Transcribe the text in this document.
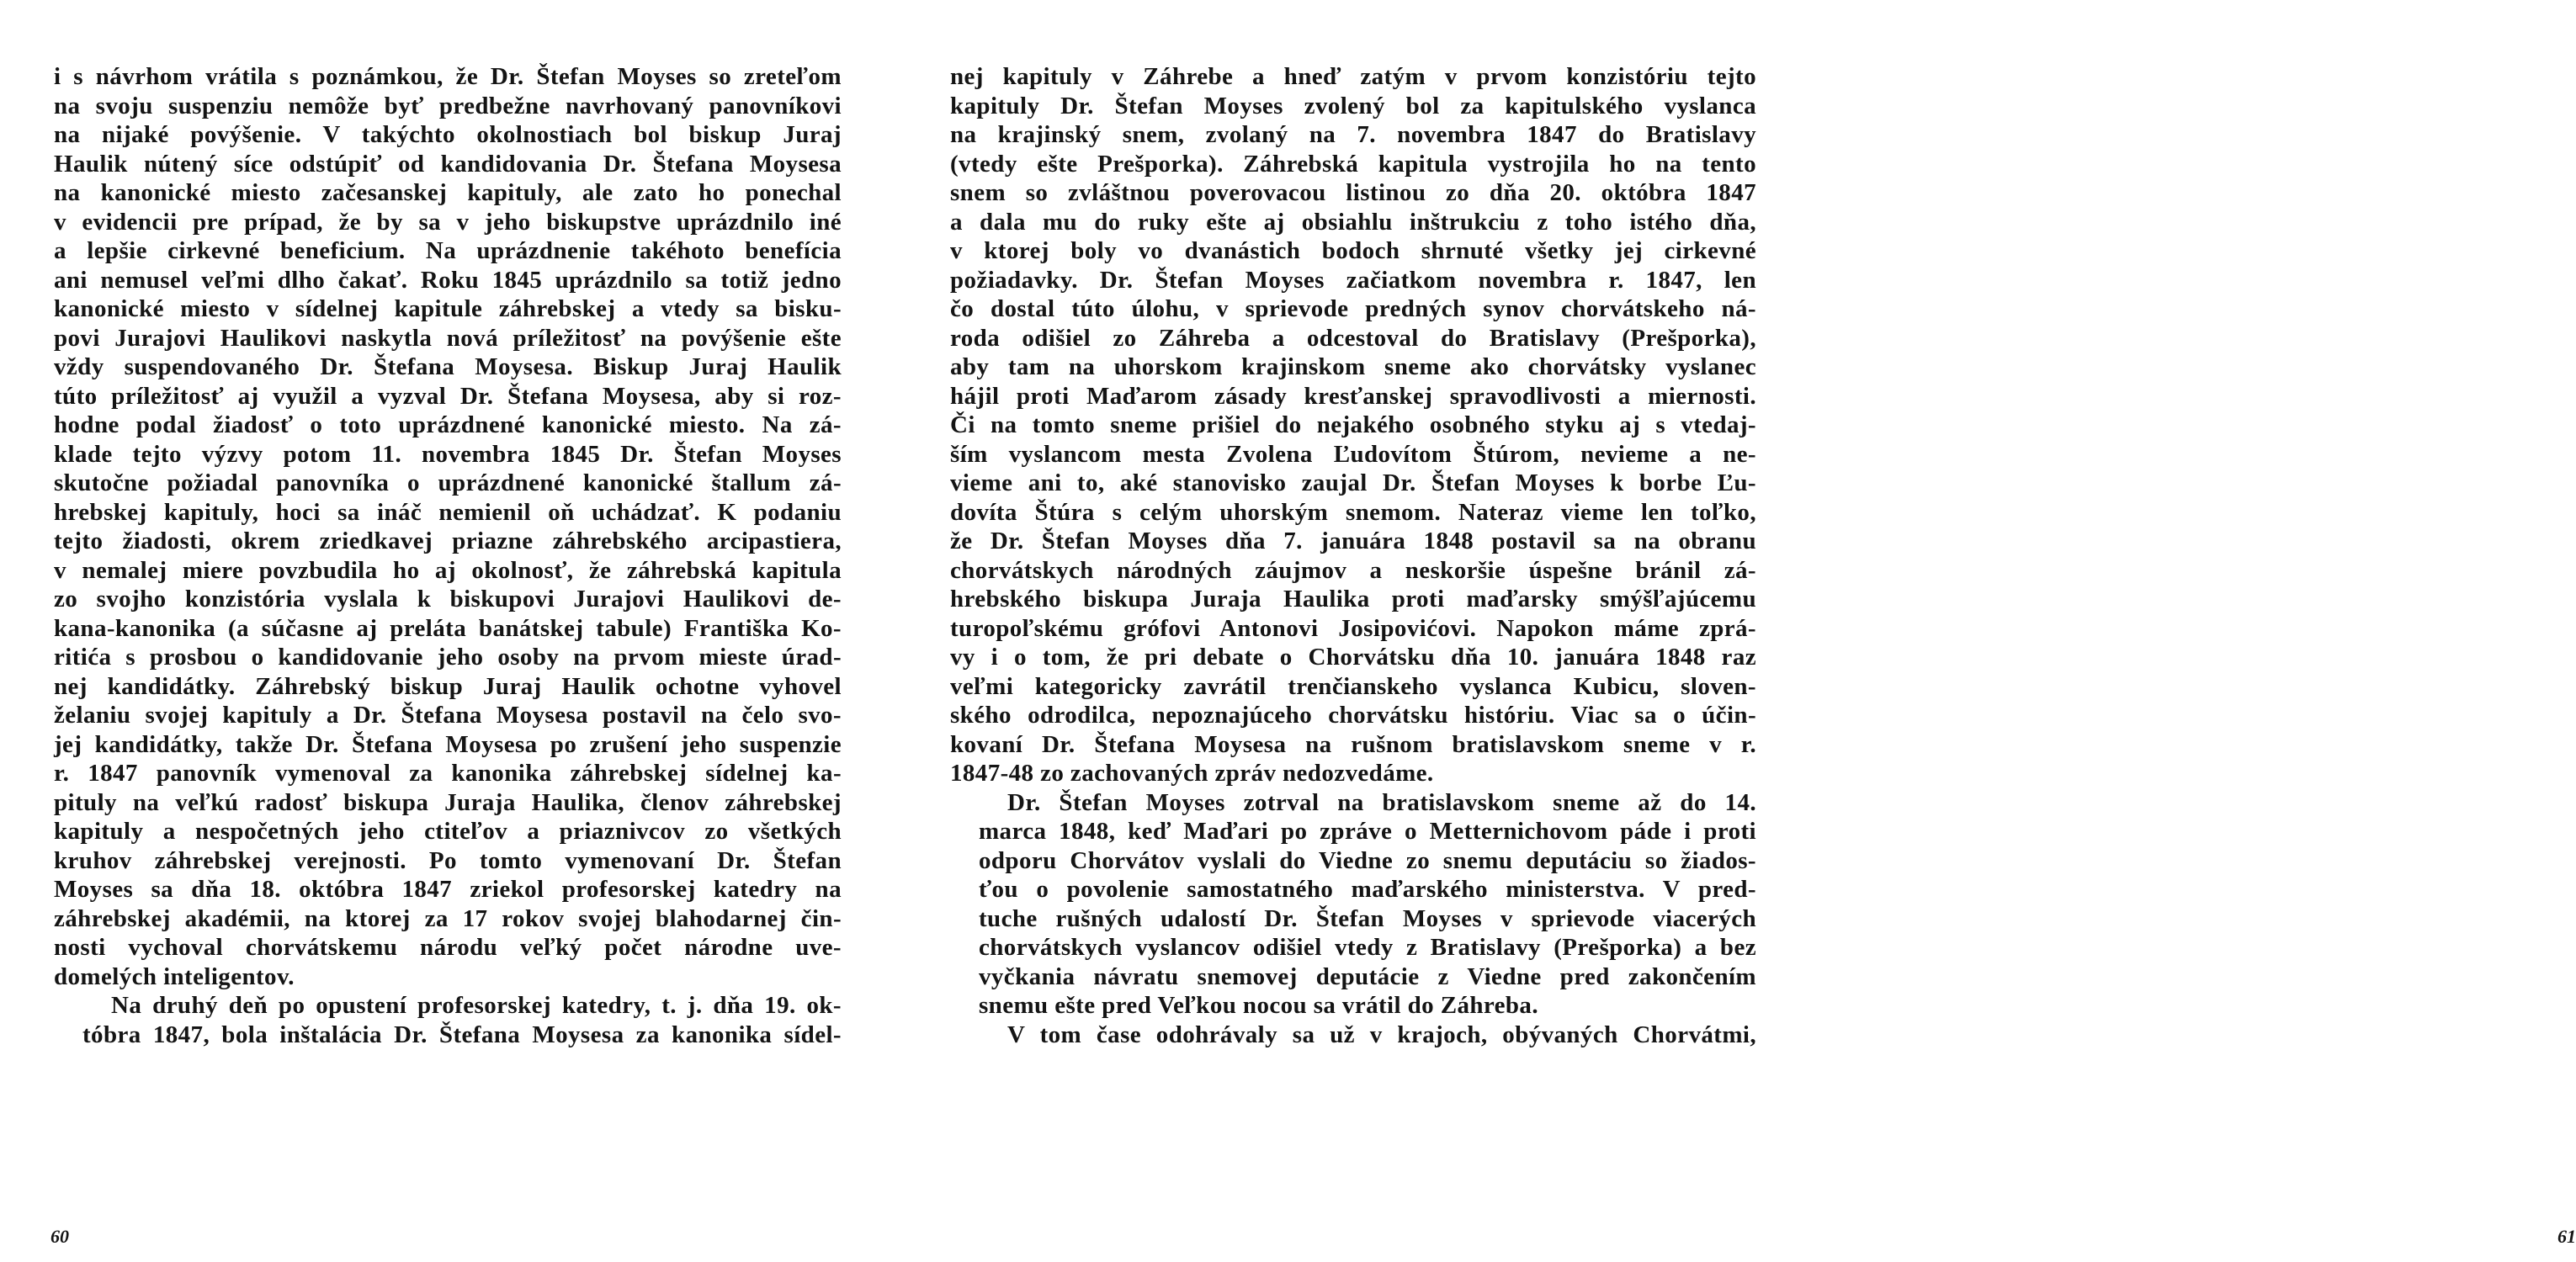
i s návrhom vrátila s poznámkou, že Dr. Štefan Moyses so zreteľom
na svoju suspenziu nemôže byť predbežne navrhovaný panovníkovi
na nijaké povýšenie. V takýchto okolnostiach bol biskup Juraj
Haulik nútený síce odstúpiť od kandidovania Dr. Štefana Moysesa
na kanonické miesto začesanskej kapituly, ale zato ho ponechal
v evidencii pre prípad, že by sa v jeho biskupstve uprázdnilo iné
a lepšie cirkevné beneficium. Na uprázdnenie takéhoto benefícia
ani nemusel veľmi dlho čakať. Roku 1845 uprázdnilo sa totiž jedno
kanonické miesto v sídelnej kapitule záhrebskej a vtedy sa bisku-
povi Jurajovi Haulikovi naskytla nová príležitosť na povýšenie ešte
vždy suspendovaného Dr. Štefana Moysesa. Biskup Juraj Haulik
túto príležitosť aj využil a vyzval Dr. Štefana Moysesa, aby si roz-
hodne podal žiadosť o toto uprázdnené kanonické miesto. Na zá-
klade tejto výzvy potom 11. novembra 1845 Dr. Štefan Moyses
skutočne požiadal panovníka o uprázdnené kanonické štallum zá-
hrebskej kapituly, hoci sa ináč nemienil oň uchádzať. K podaniu
tejto žiadosti, okrem zriedkavej priazne záhrebského arcipastiera,
v nemalej miere povzbudila ho aj okolnosť, že záhrebská kapitula
zo svojho konzistória vyslala k biskupovi Jurajovi Haulikovi de-
kana-kanonika (a súčasne aj preláta banátskej tabule) Františka Ko-
ritića s prosbou o kandidovanie jeho osoby na prvom mieste úrad-
nej kandidátky. Záhrebský biskup Juraj Haulik ochotne vyhovel
želaniu svojej kapituly a Dr. Štefana Moysesa postavil na čelo svo-
jej kandidátky, takže Dr. Štefana Moysesa po zrušení jeho suspenzie
r. 1847 panovník vymenoval za kanonika záhrebskej sídelnej ka-
pituly na veľkú radosť biskupa Juraja Haulika, členov záhrebskej
kapituly a nespočetných jeho ctiteľov a priaznivcov zo všetkých
kruhov záhrebskej verejnosti. Po tomto vymenovaní Dr. Štefan
Moyses sa dňa 18. októbra 1847 zriekol profesorskej katedry na
záhrebskej akadémii, na ktorej za 17 rokov svojej blahodarnej čin-
nosti vychoval chorvátskemu národu veľký počet národne uve-
domelých inteligentov.
Na druhý deň po opustení profesorskej katedry, t. j. dňa 19. ok-
tóbra 1847, bola inštalácia Dr. Štefana Moysesa za kanonika sídel-
60
nej kapituly v Záhrebe a hneď zatým v prvom konzistóriu tejto
kapituly Dr. Štefan Moyses zvolený bol za kapitulského vyslanca
na krajinský snem, zvolaný na 7. novembra 1847 do Bratislavy
(vtedy ešte Prešporka). Záhrebská kapitula vystrojila ho na tento
snem so zvláštnou poverovacou listinou zo dňa 20. októbra 1847
a dala mu do ruky ešte aj obsiahlu inštrukciu z toho istého dňa,
v ktorej boly vo dvanástich bodoch shrnuté všetky jej cirkevné
požiadavky. Dr. Štefan Moyses začiatkom novembra r. 1847, len
čo dostal túto úlohu, v sprievode predných synov chorvátskeho ná-
roda odišiel zo Záhreba a odcestoval do Bratislavy (Prešporka),
aby tam na uhorskom krajinskom sneme ako chorvátsky vyslanec
hájil proti Maďarom zásady kresťanskej spravodlivosti a miernosti.
Či na tomto sneme prišiel do nejakého osobného styku aj s vtedaj-
ším vyslancom mesta Zvolena Ľudovítom Štúrom, nevieme a ne-
vieme ani to, aké stanovisko zaujal Dr. Štefan Moyses k borbe Ľu-
dovíta Štúra s celým uhorským snemom. Nateraz vieme len toľko,
že Dr. Štefan Moyses dňa 7. januára 1848 postavil sa na obranu
chorvátskych národných záujmov a neskoršie úspešne bránil zá-
hrebského biskupa Juraja Haulika proti maďarsky smýšľajúcemu
turopoľskému grófovi Antonovi Josipovićovi. Napokon máme zprá-
vy i o tom, že pri debate o Chorvátsku dňa 10. januára 1848 raz
veľmi kategoricky zavrátil trenčianskeho vyslanca Kubicu, sloven-
ského odrodilca, nepoznajúceho chorvátsku históriu. Viac sa o účin-
kovaní Dr. Štefana Moysesa na rušnom bratislavskom sneme v r.
1847-48 zo zachovaných zpráv nedozvedáme.
Dr. Štefan Moyses zotrval na bratislavskom sneme až do 14.
marca 1848, keď Maďari po zpráve o Metternichovom páde i proti
odporu Chorvátov vyslali do Viedne zo snemu deputáciu so žiados-
ťou o povolenie samostatného maďarského ministerstva. V pred-
tuche rušných udalostí Dr. Štefan Moyses v sprievode viacerých
chorvátskych vyslancov odišiel vtedy z Bratislavy (Prešporka) a bez
vyčkania návratu snemovej deputácie z Viedne pred zakončením
snemu ešte pred Veľkou nocou sa vrátil do Záhreba.
V tom čase odohrávaly sa už v krajoch, obývaných Chorvátmi,
61
